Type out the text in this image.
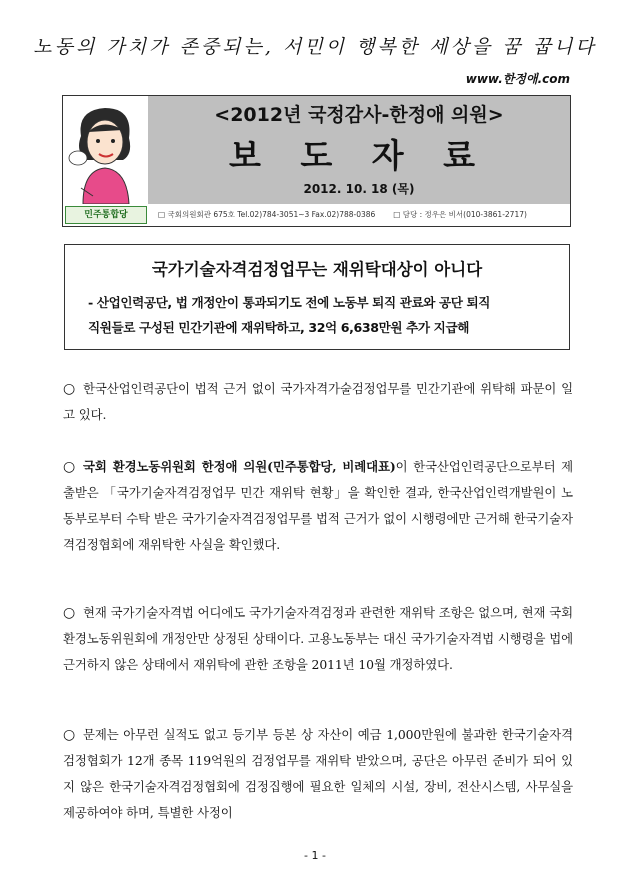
노동의 가치가 존중되는, 서민이 행복한 세상을 꿈 꿉니다
www.한정애.com
민주통합당
<2012년 국정감사-한정애 의원>
보 도 자 료
2012. 10. 18 (목)
□ 국회의원회관 675호 Tel.02)784-3051~3 Fax.02)788-0386 □ 담당 : 정우은 비서(010-3861-2717)
국가기술자격검정업무는 재위탁대상이 아니다
- 산업인력공단, 법 개정안이 통과되기도 전에 노동부 퇴직 관료와 공단 퇴직
직원들로 구성된 민간기관에 재위탁하고, 32억 6,638만원 추가 지급해
○ 한국산업인력공단이 법적 근거 없이 국가자격가술검정업무를 민간기관에 위탁해 파문이 일고 있다.
○ 국회 환경노동위원회 한정애 의원(민주통합당, 비례대표)이 한국산업인력공단으로부터 제출받은 「국가기술자격검정업무 민간 재위탁 현황」을 확인한 결과, 한국산업인력개발원이 노동부로부터 수탁 받은 국가기술자격검정업무를 법적 근거가 없이 시행령에만 근거해 한국기술자격검정협회에 재위탁한 사실을 확인했다.
○ 현재 국가기술자격법 어디에도 국가기술자격검정과 관련한 재위탁 조항은 없으며, 현재 국회 환경노동위원회에 개정안만 상정된 상태이다. 고용노동부는 대신 국가기술자격법 시행령을 법에 근거하지 않은 상태에서 재위탁에 관한 조항을 2011년 10월 개정하였다.
○ 문제는 아무런 실적도 없고 등기부 등본 상 자산이 예금 1,000만원에 불과한 한국기술자격검정협회가 12개 종목 119억원의 검정업무를 재위탁 받았으며, 공단은 아무런 준비가 되어 있지 않은 한국기술자격검정협회에 검정집행에 필요한 일체의 시설, 장비, 전산시스템, 사무실을 제공하여야 하며, 특별한 사정이
- 1 -
